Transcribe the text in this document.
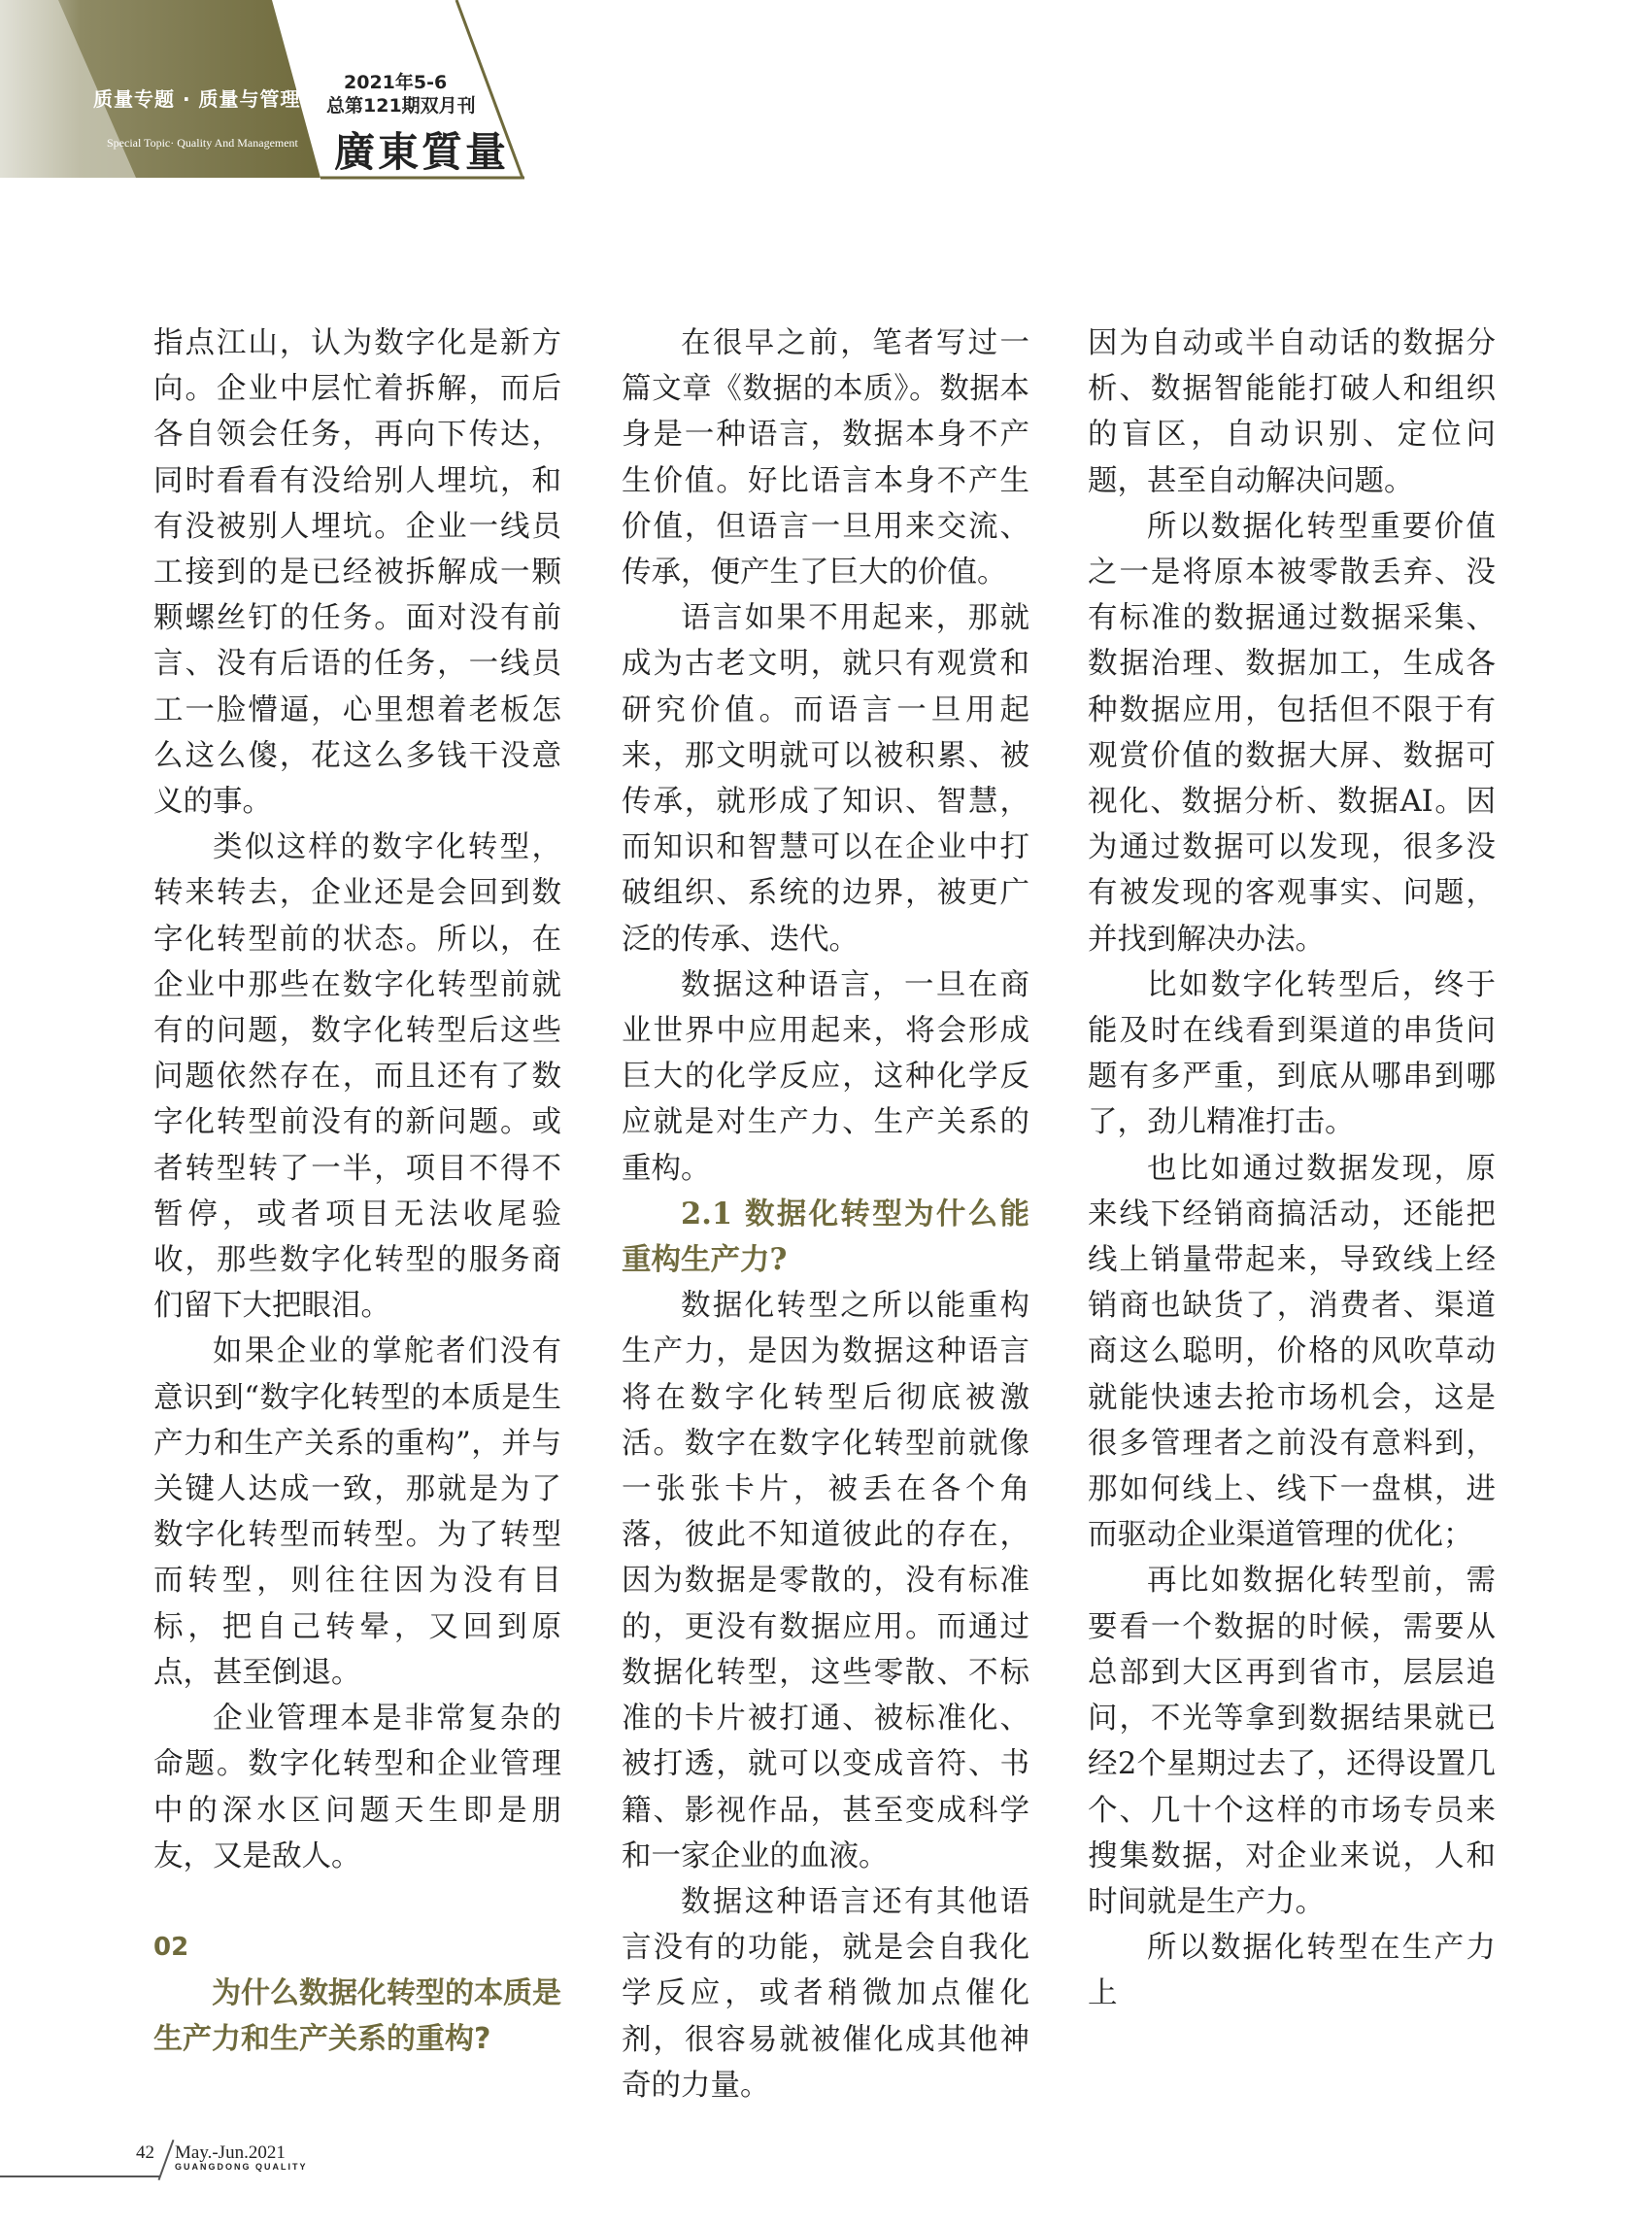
质量专题 · 质量与管理
Special Topic· Quality And Management
2021年5-6
总第121期双月刊
廣東質量

指点江山，认为数字化是新方向。企业中层忙着拆解，而后各自领会任务，再向下传达，同时看看有没给别人埋坑，和有没被别人埋坑。企业一线员工接到的是已经被拆解成一颗颗螺丝钉的任务。面对没有前言、没有后语的任务，一线员工一脸懵逼，心里想着老板怎么这么傻，花这么多钱干没意义的事。

类似这样的数字化转型，转来转去，企业还是会回到数字化转型前的状态。所以，在企业中那些在数字化转型前就有的问题，数字化转型后这些问题依然存在，而且还有了数字化转型前没有的新问题。或者转型转了一半，项目不得不暂停，或者项目无法收尾验收，那些数字化转型的服务商们留下大把眼泪。

如果企业的掌舵者们没有意识到“数字化转型的本质是生产力和生产关系的重构”，并与关键人达成一致，那就是为了数字化转型而转型。为了转型而转型，则往往因为没有目标，把自己转晕，又回到原点，甚至倒退。

企业管理本是非常复杂的命题。数字化转型和企业管理中的深水区问题天生即是朋友，又是敌人。

02

为什么数据化转型的本质是生产力和生产关系的重构?

在很早之前，笔者写过一篇文章《数据的本质》。数据本身是一种语言，数据本身不产生价值。好比语言本身不产生价值，但语言一旦用来交流、传承，便产生了巨大的价值。

语言如果不用起来，那就成为古老文明，就只有观赏和研究价值。而语言一旦用起来，那文明就可以被积累、被传承，就形成了知识、智慧，而知识和智慧可以在企业中打破组织、系统的边界，被更广泛的传承、迭代。

数据这种语言，一旦在商业世界中应用起来，将会形成巨大的化学反应，这种化学反应就是对生产力、生产关系的重构。

2.1 数据化转型为什么能重构生产力?

数据化转型之所以能重构生产力，是因为数据这种语言将在数字化转型后彻底被激活。数字在数字化转型前就像一张张卡片，被丢在各个角落，彼此不知道彼此的存在，因为数据是零散的，没有标准的，更没有数据应用。而通过数据化转型，这些零散、不标准的卡片被打通、被标准化、被打透，就可以变成音符、书籍、影视作品，甚至变成科学和一家企业的血液。

数据这种语言还有其他语言没有的功能，就是会自我化学反应，或者稍微加点催化剂，很容易就被催化成其他神奇的力量。

因为自动或半自动话的数据分析、数据智能能打破人和组织的盲区，自动识别、定位问题，甚至自动解决问题。

所以数据化转型重要价值之一是将原本被零散丢弃、没有标准的数据通过数据采集、数据治理、数据加工，生成各种数据应用，包括但不限于有观赏价值的数据大屏、数据可视化、数据分析、数据AI。因为通过数据可以发现，很多没有被发现的客观事实、问题，并找到解决办法。

比如数字化转型后，终于能及时在线看到渠道的串货问题有多严重，到底从哪串到哪了，劲儿精准打击。

也比如通过数据发现，原来线下经销商搞活动，还能把线上销量带起来，导致线上经销商也缺货了，消费者、渠道商这么聪明，价格的风吹草动就能快速去抢市场机会，这是很多管理者之前没有意料到，那如何线上、线下一盘棋，进而驱动企业渠道管理的优化；

再比如数据化转型前，需要看一个数据的时候，需要从总部到大区再到省市，层层追问，不光等拿到数据结果就已经2个星期过去了，还得设置几个、几十个这样的市场专员来搜集数据，对企业来说，人和时间就是生产力。

所以数据化转型在生产力上

42 May.-Jun.2021
GUANGDONG QUALITY
